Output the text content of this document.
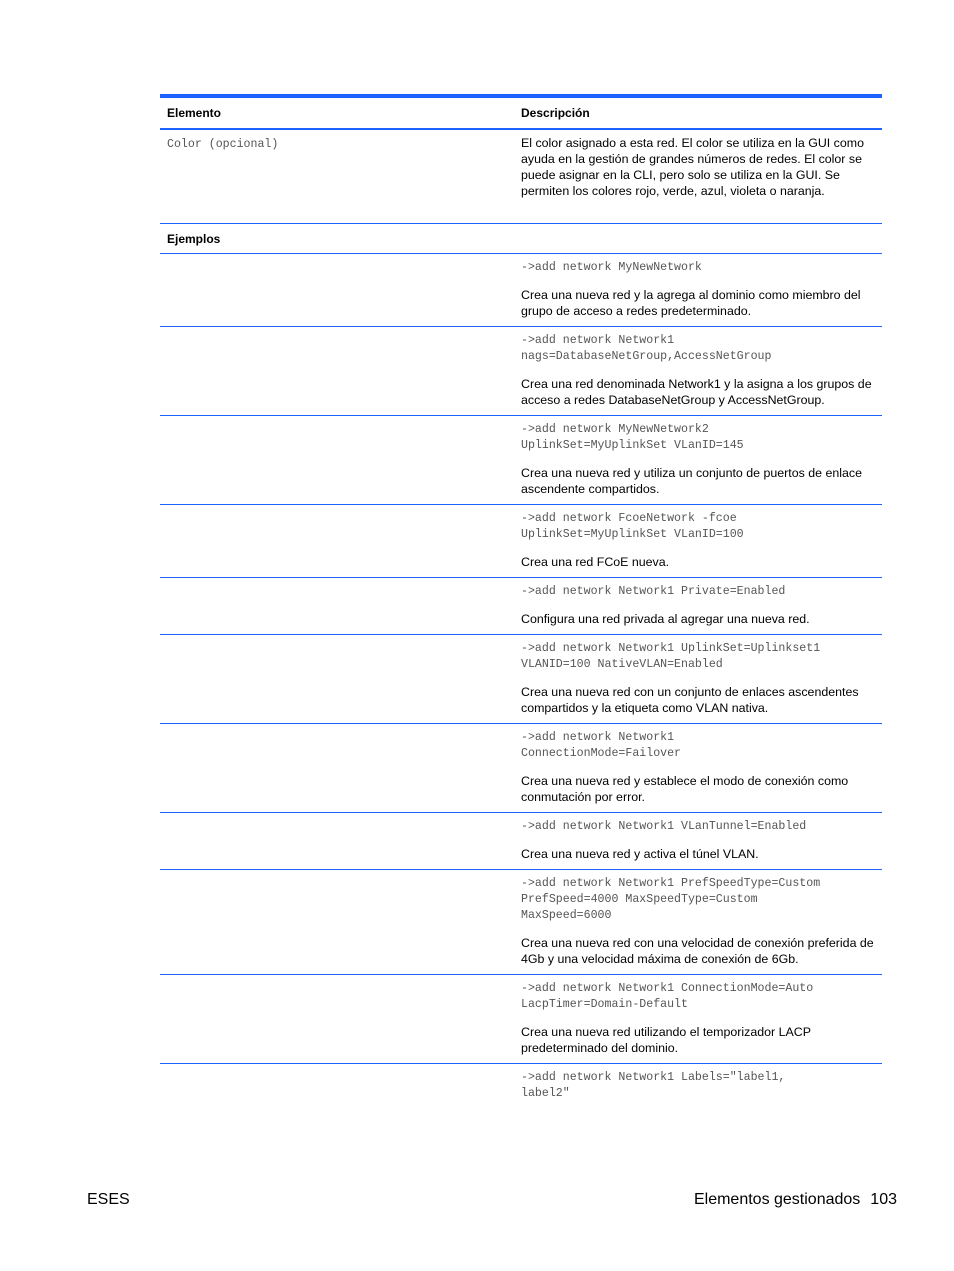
Elemento	Descripción
Color (opcional)	El color asignado a esta red. El color se utiliza en la GUI como ayuda en la gestión de grandes números de redes. El color se puede asignar en la CLI, pero solo se utiliza en la GUI. Se permiten los colores rojo, verde, azul, violeta o naranja.
Ejemplos
->add network MyNewNetwork
Crea una nueva red y la agrega al dominio como miembro del grupo de acceso a redes predeterminado.
->add network Network1
nags=DatabaseNetGroup,AccessNetGroup
Crea una red denominada Network1 y la asigna a los grupos de acceso a redes DatabaseNetGroup y AccessNetGroup.
->add network MyNewNetwork2
UplinkSet=MyUplinkSet VLanID=145
Crea una nueva red y utiliza un conjunto de puertos de enlace ascendente compartidos.
->add network FcoeNetwork -fcoe
UplinkSet=MyUplinkSet VLanID=100
Crea una red FCoE nueva.
->add network Network1 Private=Enabled
Configura una red privada al agregar una nueva red.
->add network Network1 UplinkSet=Uplinkset1
VLANID=100 NativeVLAN=Enabled
Crea una nueva red con un conjunto de enlaces ascendentes compartidos y la etiqueta como VLAN nativa.
->add network Network1
ConnectionMode=Failover
Crea una nueva red y establece el modo de conexión como conmutación por error.
->add network Network1 VLanTunnel=Enabled
Crea una nueva red y activa el túnel VLAN.
->add network Network1 PrefSpeedType=Custom
PrefSpeed=4000 MaxSpeedType=Custom
MaxSpeed=6000
Crea una nueva red con una velocidad de conexión preferida de 4Gb y una velocidad máxima de conexión de 6Gb.
->add network Network1 ConnectionMode=Auto
LacpTimer=Domain-Default
Crea una nueva red utilizando el temporizador LACP predeterminado del dominio.
->add network Network1 Labels="label1,
label2"
ESES	Elementos gestionados 103
